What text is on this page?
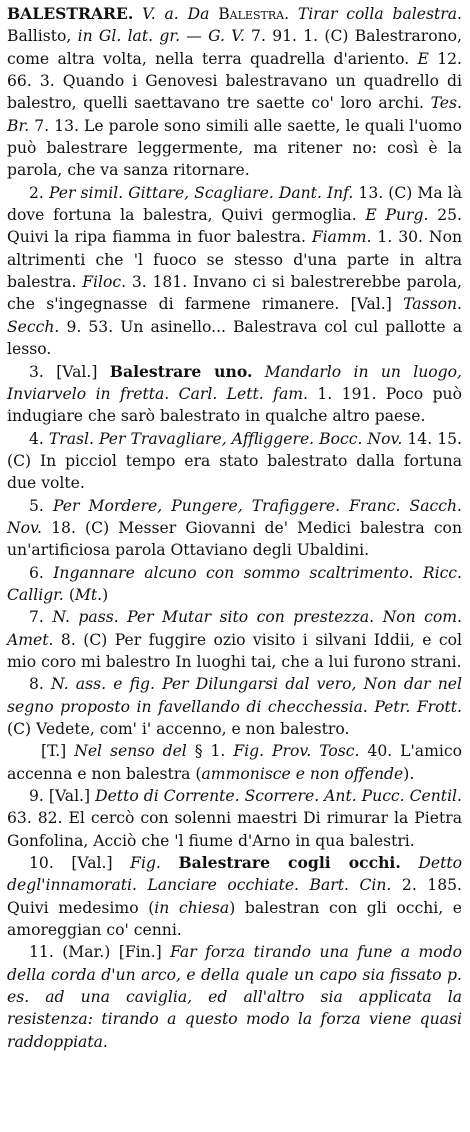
BALESTRARE. V. a. Da Balestra. Tirar colla balestra. Ballisto, in Gl. lat. gr. — G. V. 7. 91. 1. (C) Balestrarono, come altra volta, nella terra quadrella d'ariento. E 12. 66. 3. Quando i Genovesi balestravano un quadrello di balestro, quelli saettavano tre saette co' loro archi. Tes. Br. 7. 13. Le parole sono simili alle saette, le quali l'uomo può balestrare leggermente, ma ritener no: così è la parola, che va sanza ritornare.

2. Per simil. Gittare, Scagliare. Dant. Inf. 13. (C) Ma là dove fortuna la balestra, Quivi germoglia. E Purg. 25. Quivi la ripa fiamma in fuor balestra. Fiamm. 1. 30. Non altrimenti che 'l fuoco se stesso d'una parte in altra balestra. Filoc. 3. 181. Invano ci si balestrerebbe parola, che s'ingegnasse di farmene rimanere. [Val.] Tasson. Secch. 9. 53. Un asinello... Balestrava col cul pallotte a lesso.

3. [Val.] Balestrare uno. Mandarlo in un luogo, Inviarvelo in fretta. Carl. Lett. fam. 1. 191. Poco può indugiare che sarò balestrato in qualche altro paese.

4. Trasl. Per Travagliare, Affliggere. Bocc. Nov. 14. 15. (C) In picciol tempo era stato balestrato dalla fortuna due volte.

5. Per Mordere, Pungere, Trafiggere. Franc. Sacch. Nov. 18. (C) Messer Giovanni de' Medici balestra con un'artificiosa parola Ottaviano degli Ubaldini.

6. Ingannare alcuno con sommo scaltrimento. Ricc. Calligr. (Mt.)

7. N. pass. Per Mutar sito con prestezza. Non com. Amet. 8. (C) Per fuggire ozio visito i silvani Iddii, e col mio coro mi balestro In luoghi tai, che a lui furono strani.

8. N. ass. e fig. Per Dilungarsi dal vero, Non dar nel segno proposto in favellando di checchessia. Petr. Frott. (C) Vedete, com' i' accenno, e non balestro.

[T.] Nel senso del § 1. Fig. Prov. Tosc. 40. L'amico accenna e non balestra (ammonisce e non offende).

9. [Val.] Detto di Corrente. Scorrere. Ant. Pucc. Centil. 63. 82. El cercò con solenni maestri Di rimurar la Pietra Gonfolina, Acciò che 'l fiume d'Arno in qua balestri.

10. [Val.] Fig. Balestrare cogli occhi. Detto degl'innamorati. Lanciare occhiate. Bart. Cin. 2. 185. Quivi medesimo (in chiesa) balestran con gli occhi, e amoreggian co' cenni.

11. (Mar.) [Fin.] Far forza tirando una fune a modo della corda d'un arco, e della quale un capo sia fissato p. es. ad una caviglia, ed all'altro sia applicata la resistenza: tirando a questo modo la forza viene quasi raddoppiata.
